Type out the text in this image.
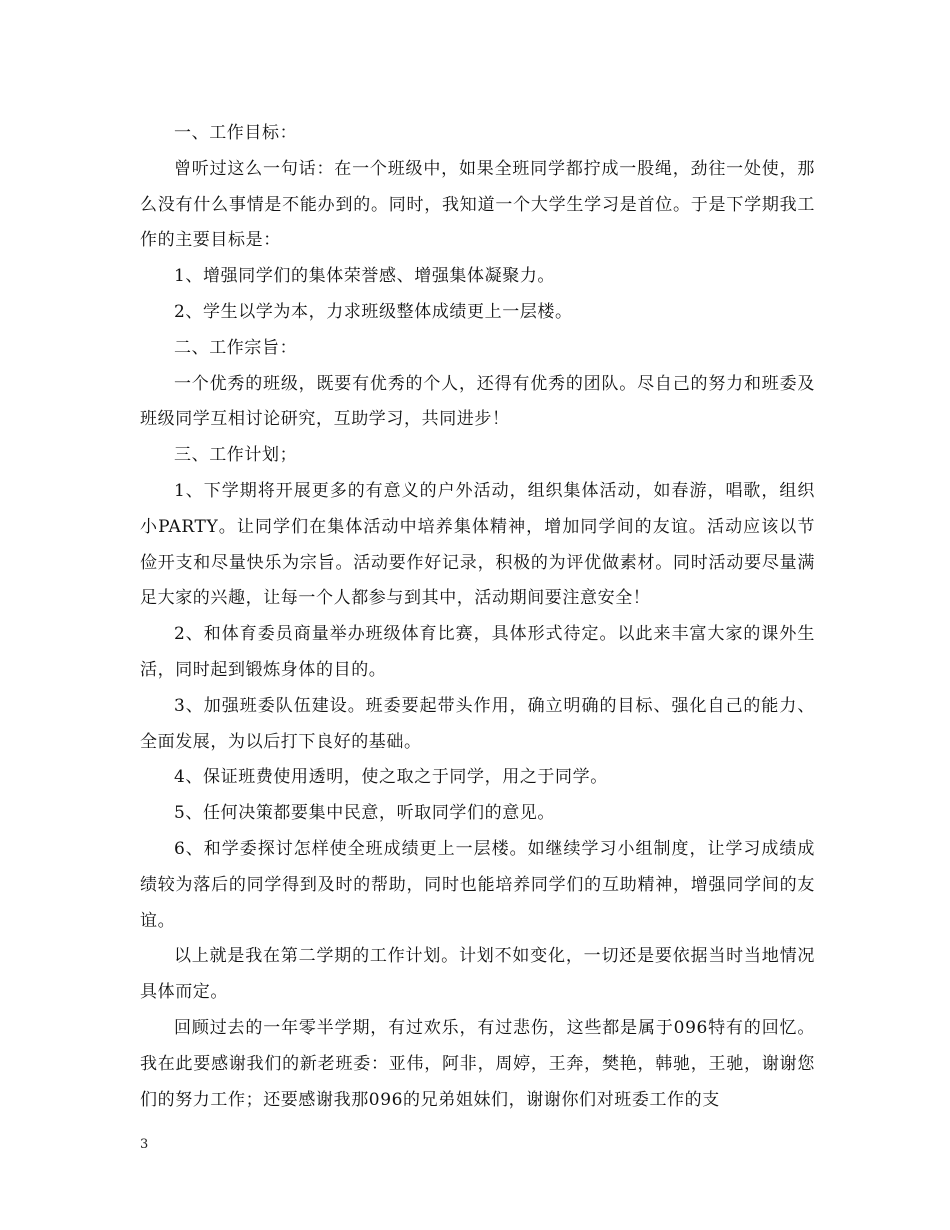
一、工作目标：

曾听过这么一句话：在一个班级中，如果全班同学都拧成一股绳，劲往一处使，那么没有什么事情是不能办到的。同时，我知道一个大学生学习是首位。于是下学期我工作的主要目标是：

1、增强同学们的集体荣誉感、增强集体凝聚力。

2、学生以学为本，力求班级整体成绩更上一层楼。

二、工作宗旨：

一个优秀的班级，既要有优秀的个人，还得有优秀的团队。尽自己的努力和班委及班级同学互相讨论研究，互助学习，共同进步！

三、工作计划；

1、下学期将开展更多的有意义的户外活动，组织集体活动，如春游，唱歌，组织小PARTY。让同学们在集体活动中培养集体精神，增加同学间的友谊。活动应该以节俭开支和尽量快乐为宗旨。活动要作好记录，积极的为评优做素材。同时活动要尽量满足大家的兴趣，让每一个人都参与到其中，活动期间要注意安全！

2、和体育委员商量举办班级体育比赛，具体形式待定。以此来丰富大家的课外生活，同时起到锻炼身体的目的。

3、加强班委队伍建设。班委要起带头作用，确立明确的目标、强化自己的能力、全面发展，为以后打下良好的基础。

4、保证班费使用透明，使之取之于同学，用之于同学。

5、任何决策都要集中民意，听取同学们的意见。

6、和学委探讨怎样使全班成绩更上一层楼。如继续学习小组制度，让学习成绩成绩较为落后的同学得到及时的帮助，同时也能培养同学们的互助精神，增强同学间的友谊。

以上就是我在第二学期的工作计划。计划不如变化，一切还是要依据当时当地情况具体而定。

回顾过去的一年零半学期，有过欢乐，有过悲伤，这些都是属于096特有的回忆。我在此要感谢我们的新老班委：亚伟，阿非，周婷，王奔，樊艳，韩驰，王驰，谢谢您们的努力工作；还要感谢我那096的兄弟姐妹们，谢谢你们对班委工作的支

3
